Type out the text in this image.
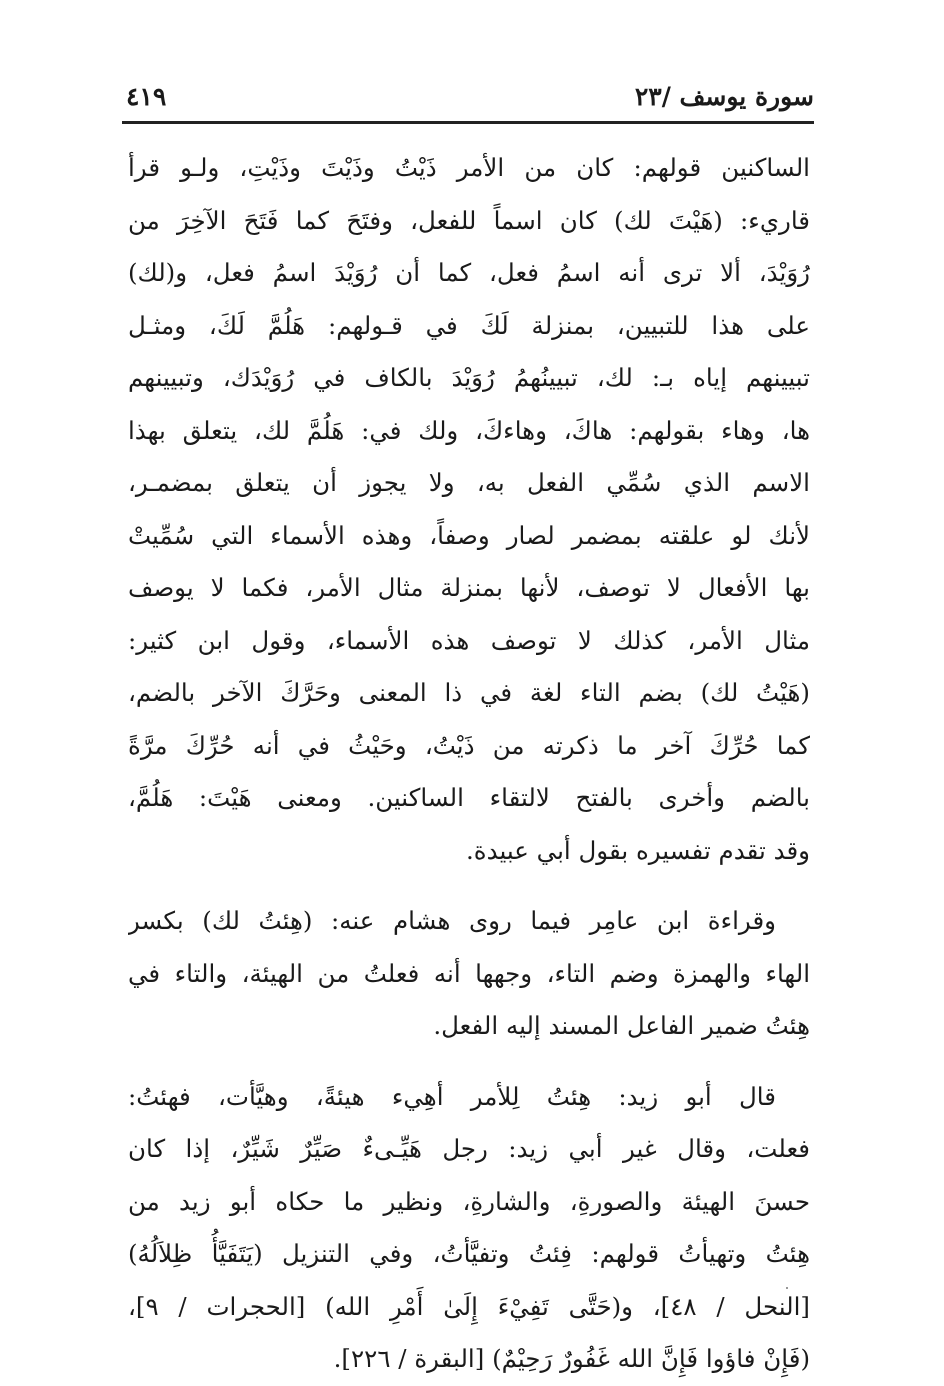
سورة يوسف /٢٣
٤١٩
الساكنين قولهم: كان من الأمر ذَيْتُ وذَيْتَ وذَيْتِ، ولـو قرأ
قاريء: (هَيْتَ لك) كان اسماً للفعل، وفتَحَ كما فَتَحَ الآخِرَ من
رُوَيْدَ، ألا ترى أنه اسمُ فعل، كما أن رُوَيْدَ اسمُ فعل، و(لك)
على هذا للتبيين، بمنزلة لَكَ في قـولهم: هَلُمَّ لَكَ، ومثـل
تبيينهم إياه بـ: لك، تبيينُهمُ رُوَيْدَ بالكاف في رُوَيْدَك، وتبيينهم
ها، وهاء بقولهم: هاكَ، وهاءكَ، ولك في: هَلُمَّ لك، يتعلق بهذا
الاسم الذي سُمِّي الفعل به، ولا يجوز أن يتعلق بمضمـر،
لأنك لو علقته بمضمر لصار وصفاً، وهذه الأسماء التي سُمِّيتْ
بها الأفعال لا توصف، لأنها بمنزلة مثال الأمر، فكما لا يوصف
مثال الأمر، كذلك لا توصف هذه الأسماء، وقول ابن كثير:
(هَيْتُ لك) بضم التاء لغة في ذا المعنى وحَرَّكَ الآخر بالضم،
كما حُرِّكَ آخر ما ذكرته من ذَيْتُ، وحَيْثُ في أنه حُرِّكَ مرَّةً
بالضم وأخرى بالفتح لالتقاء الساكنين. ومعنى هَيْتَ: هَلُمَّ،
وقد تقدم تفسيره بقول أبي عبيدة.
وقراءة ابن عامِر فيما روى هشام عنه: (هِئتُ لك) بكسر
الهاء والهمزة وضم التاء، وجهها أنه فعلتُ من الهيئة، والتاء في
هِئتُ ضمير الفاعل المسند إليه الفعل.
قال أبو زيد: هِئتُ لِلأمر أهِيء هيئةً، وهيَّأت، فهئتُ:
فعلت، وقال غير أبي زيد: رجل هَيِّـىءٌ صَيِّرٌ شَيِّرٌ، إذا كان
حسنَ الهيئة والصورةِ، والشارةِ، ونظير ما حكاه أبو زيد من
هِئتُ وتهيأتُ قولهم: فِئتُ وتفيَّأتُ، وفي التنزيل (يَتَفَيَّأُ ظِلاَلُهُ)
[النحل / ٤٨]، و(حَتَّى تَفِيْءَ إِلَىٰ أَمْرِ الله) [الحجرات / ٩]،
(فَإِنْ فاؤوا فَإِنَّ الله غَفُورٌ رَحِيْمٌ) [البقرة / ٢٢٦].
